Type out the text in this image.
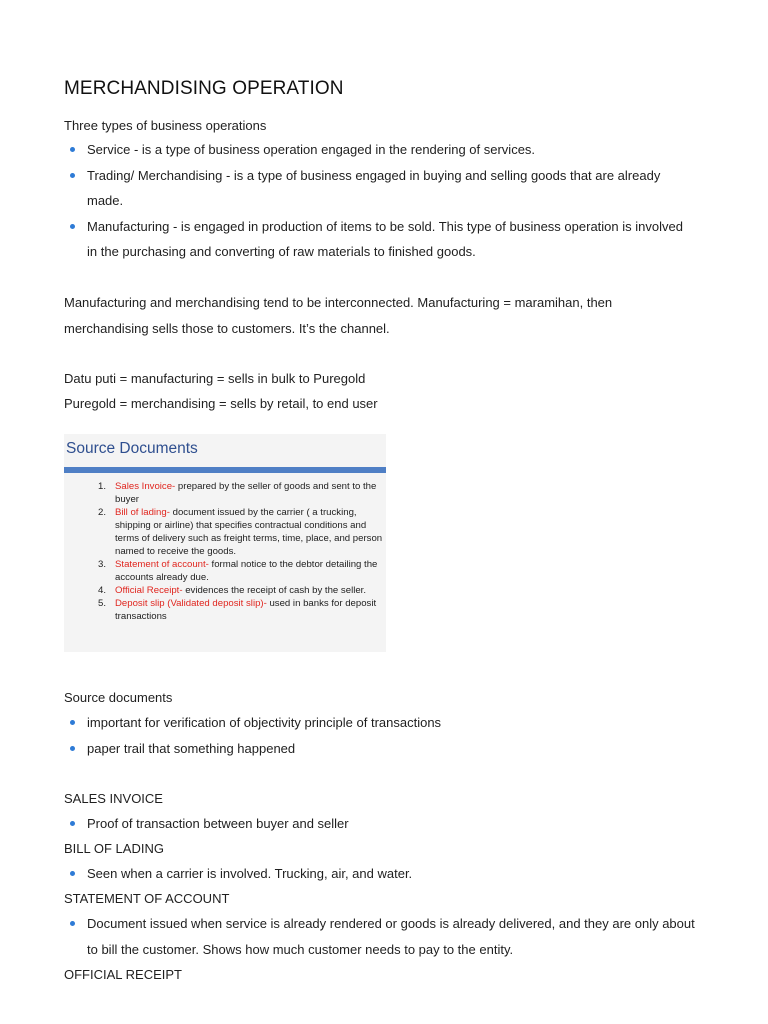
MERCHANDISING OPERATION

Three types of business operations

Service - is a type of business operation engaged in the rendering of services.
Trading/ Merchandising - is a type of business engaged in buying and selling goods that are already
made.
Manufacturing - is engaged in production of items to be sold. This type of business operation is involved
in the purchasing and converting of raw materials to finished goods.

Manufacturing and merchandising tend to be interconnected. Manufacturing = maramihan, then
merchandising sells those to customers. It’s the channel.

Datu puti = manufacturing = sells in bulk to Puregold

Puregold = merchandising = sells by retail, to end user

Source Documents
1. Sales Invoice- prepared by the seller of goods and sent to the buyer
2. Bill of lading- document issued by the carrier ( a trucking, shipping or airline) that specifies contractual conditions and terms of delivery such as freight terms, time, place, and person named to receive the goods.
3. Statement of account- formal notice to the debtor detailing the accounts already due.
4. Official Receipt- evidences the receipt of cash by the seller.
5. Deposit slip (Validated deposit slip)- used in banks for deposit transactions

Source documents

important for verification of objectivity principle of transactions
paper trail that something happened

SALES INVOICE

Proof of transaction between buyer and seller

BILL OF LADING

Seen when a carrier is involved. Trucking, air, and water.

STATEMENT OF ACCOUNT

Document issued when service is already rendered or goods is already delivered, and they are only about
to bill the customer. Shows how much customer needs to pay to the entity.

OFFICIAL RECEIPT
